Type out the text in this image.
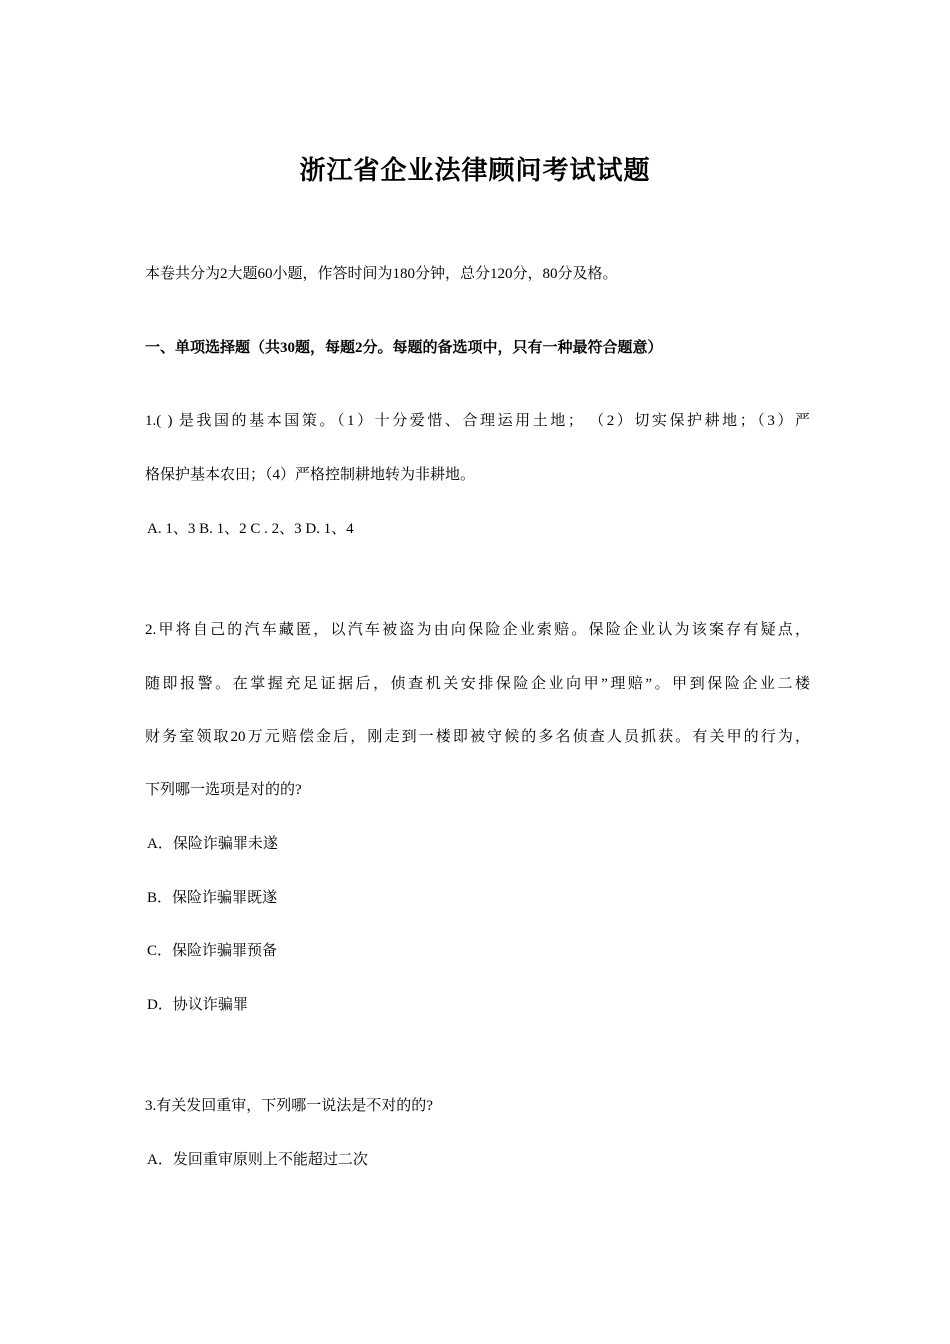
浙江省企业法律顾问考试试题
本卷共分为2大题60小题，作答时间为180分钟，总分120分，80分及格。
一、单项选择题（共30题，每题2分。每题的备选项中，只有一种最符合题意）
1.( ) 是我国的基本国策。（1）十分爱惜、合理运用土地； （2）切实保护耕地；（3）严
格保护基本农田；（4）严格控制耕地转为非耕地。
A. 1、3 B. 1、2 C . 2、3 D. 1、4
2.甲将自己的汽车藏匿，以汽车被盗为由向保险企业索赔。保险企业认为该案存有疑点，
随即报警。在掌握充足证据后，侦查机关安排保险企业向甲”理赔”。甲到保险企业二楼
财务室领取20万元赔偿金后，刚走到一楼即被守候的多名侦查人员抓获。有关甲的行为，
下列哪一选项是对的的?
A．保险诈骗罪未遂
B．保险诈骗罪既遂
C．保险诈骗罪预备
D．协议诈骗罪
3.有关发回重审，下列哪一说法是不对的的?
A．发回重审原则上不能超过二次
